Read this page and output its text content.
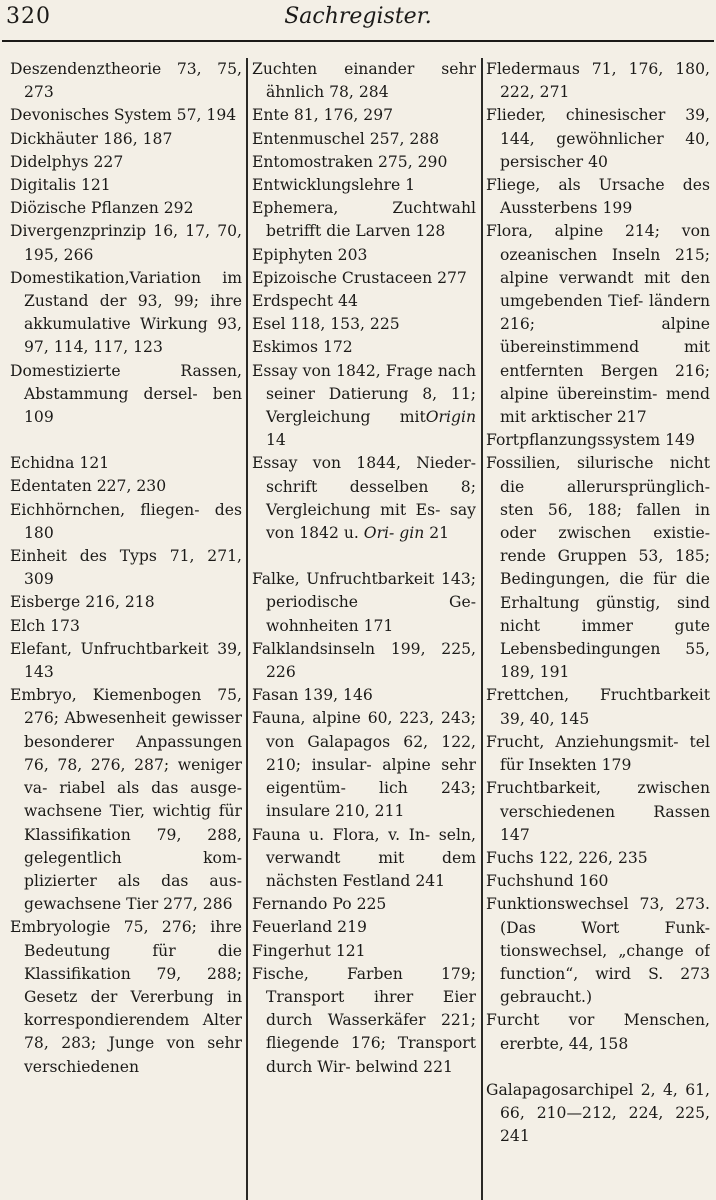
320	Sachregister.

Deszendenztheorie 73, 75, 273

Devonisches System 57, 194

Dickhäuter 186, 187

Didelphys 227

Digitalis 121

Diözische Pflanzen 292

Divergenzprinzip 16, 17, 70, 195, 266

Domestikation,Variation im Zustand der 93, 99; ihre akkumulative Wirkung 93, 97, 114, 117, 123

Domestizierte Rassen, Abstammung dersel- ben 109

Echidna 121

Edentaten 227, 230

Eichhörnchen, fliegen- des 180

Einheit des Typs 71, 271, 309

Eisberge 216, 218

Elch 173

Elefant, Unfruchtbarkeit 39, 143

Embryo, Kiemenbogen 75, 276; Abwesenheit gewisser besonderer Anpassungen 76, 78, 276, 287; weniger va- riabel als das ausge- wachsene Tier, wichtig für Klassifikation 79, 288, gelegentlich kom- plizierter als das aus- gewachsene Tier 277, 286

Embryologie 75, 276; ihre Bedeutung für die Klassifikation 79, 288; Gesetz der Vererbung in korrespondierendem Alter 78, 283; Junge von sehr verschiedenen

Zuchten einander sehr ähnlich 78, 284

Ente 81, 176, 297

Entenmuschel 257, 288

Entomostraken 275, 290

Entwicklungslehre 1

Ephemera, Zuchtwahl betrifft die Larven 128

Epiphyten 203

Epizoische Crustaceen 277

Erdspecht 44

Esel 118, 153, 225

Eskimos 172

Essay von 1842, Frage nach seiner Datierung 8, 11; Vergleichung mitOrigin 14

Essay von 1844, Nieder- schrift desselben 8; Vergleichung mit Es- say von 1842 u. Ori- gin 21

Falke, Unfruchtbarkeit 143; periodische Ge- wohnheiten 171

Falklandsinseln 199, 225, 226

Fasan 139, 146

Fauna, alpine 60, 223, 243; von Galapagos 62, 122, 210; insular- alpine sehr eigentüm- lich 243; insulare 210, 211

Fauna u. Flora, v. In- seln, verwandt mit dem nächsten Festland 241

Fernando Po 225

Feuerland 219

Fingerhut 121

Fische, Farben 179; Transport ihrer Eier durch Wasserkäfer 221; fliegende 176; Transport durch Wir- belwind 221

Fledermaus 71, 176, 180, 222, 271

Flieder, chinesischer 39, 144, gewöhnlicher 40, persischer 40

Fliege, als Ursache des Aussterbens 199

Flora, alpine 214; von ozeanischen Inseln 215; alpine verwandt mit den umgebenden Tief- ländern 216; alpine übereinstimmend mit entfernten Bergen 216; alpine übereinstim- mend mit arktischer 217

Fortpflanzungssystem 149

Fossilien, silurische nicht die allerursprünglich- sten 56, 188; fallen in oder zwischen existie- rende Gruppen 53, 185; Bedingungen, die für die Erhaltung günstig, sind nicht immer gute Lebensbedingungen 55, 189, 191

Frettchen, Fruchtbarkeit 39, 40, 145

Frucht, Anziehungsmit- tel für Insekten 179

Fruchtbarkeit, zwischen verschiedenen Rassen 147

Fuchs 122, 226, 235

Fuchshund 160

Funktionswechsel 73, 273. (Das Wort Funk- tionswechsel, „change of function“, wird S. 273 gebraucht.)

Furcht vor Menschen, ererbte, 44, 158

Galapagosarchipel 2, 4, 61, 66, 210—212, 224, 225, 241
